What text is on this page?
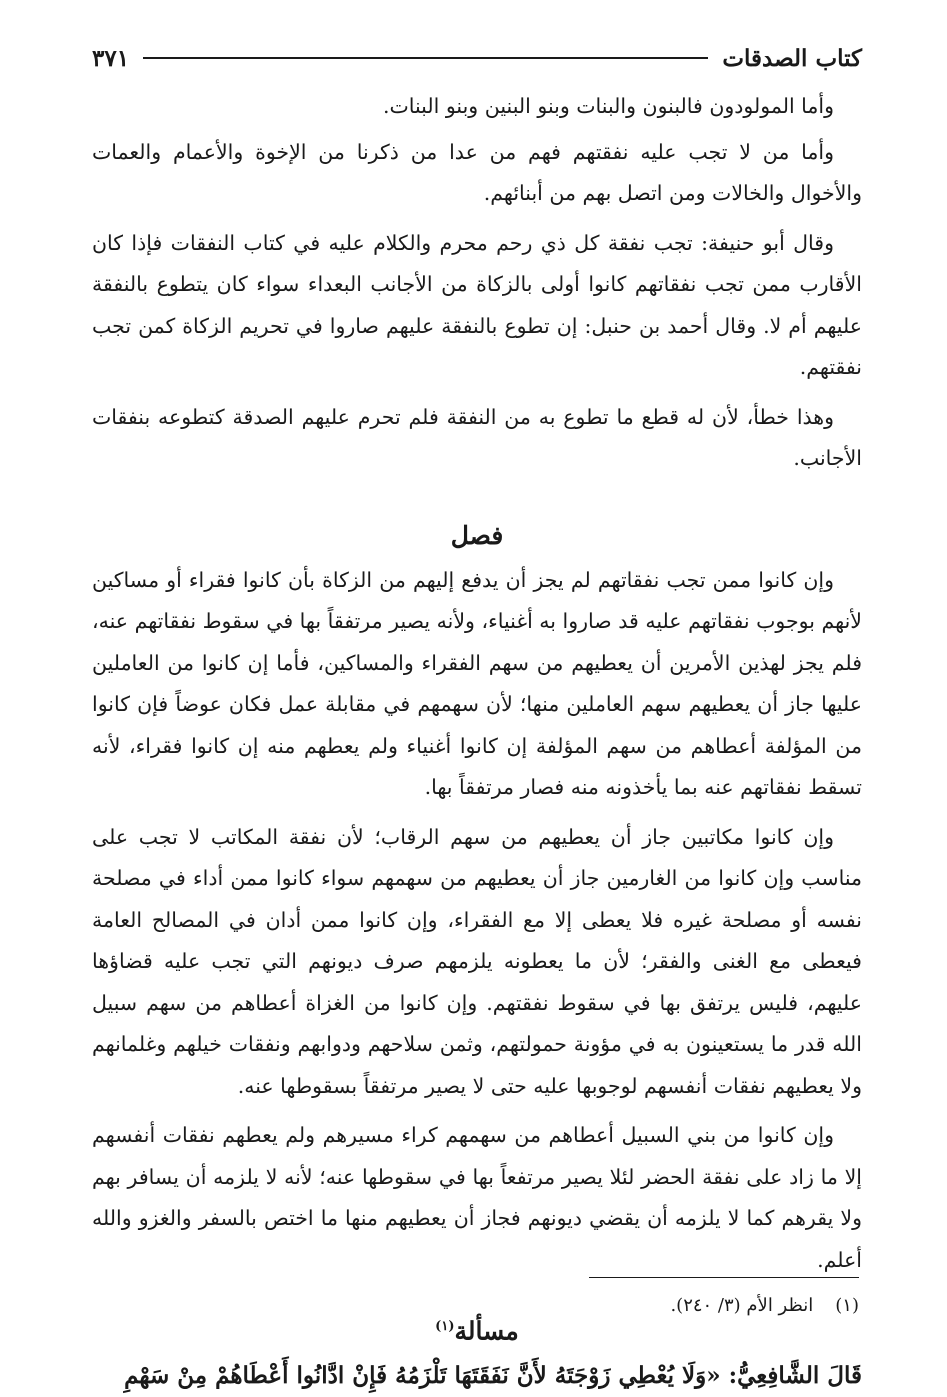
كتاب الصدقات
٣٧١

وأما المولودون فالبنون والبنات وبنو البنين وبنو البنات.

وأما من لا تجب عليه نفقتهم فهم من عدا من ذكرنا من الإخوة والأعمام والعمات والأخوال والخالات ومن اتصل بهم من أبنائهم.

وقال أبو حنيفة: تجب نفقة كل ذي رحم محرم والكلام عليه في كتاب النفقات فإذا كان الأقارب ممن تجب نفقاتهم كانوا أولى بالزكاة من الأجانب البعداء سواء كان يتطوع بالنفقة عليهم أم لا. وقال أحمد بن حنبل: إن تطوع بالنفقة عليهم صاروا في تحريم الزكاة كمن تجب نفقتهم.

وهذا خطأ، لأن له قطع ما تطوع به من النفقة فلم تحرم عليهم الصدقة كتطوعه بنفقات الأجانب.

فصل

وإن كانوا ممن تجب نفقاتهم لم يجز أن يدفع إليهم من الزكاة بأن كانوا فقراء أو مساكين لأنهم بوجوب نفقاتهم عليه قد صاروا به أغنياء، ولأنه يصير مرتفقاً بها في سقوط نفقاتهم عنه، فلم يجز لهذين الأمرين أن يعطيهم من سهم الفقراء والمساكين، فأما إن كانوا من العاملين عليها جاز أن يعطيهم سهم العاملين منها؛ لأن سهمهم في مقابلة عمل فكان عوضاً فإن كانوا من المؤلفة أعطاهم من سهم المؤلفة إن كانوا أغنياء ولم يعطهم منه إن كانوا فقراء، لأنه تسقط نفقاتهم عنه بما يأخذونه منه فصار مرتفقاً بها.

وإن كانوا مكاتبين جاز أن يعطيهم من سهم الرقاب؛ لأن نفقة المكاتب لا تجب على مناسب وإن كانوا من الغارمين جاز أن يعطيهم من سهمهم سواء كانوا ممن أداء في مصلحة نفسه أو مصلحة غيره فلا يعطى إلا مع الفقراء، وإن كانوا ممن أدان في المصالح العامة فيعطى مع الغنى والفقر؛ لأن ما يعطونه يلزمهم صرف ديونهم التي تجب عليه قضاؤها عليهم، فليس يرتفق بها في سقوط نفقتهم. وإن كانوا من الغزاة أعطاهم من سهم سبيل الله قدر ما يستعينون به في مؤونة حمولتهم، وثمن سلاحهم ودوابهم ونفقات خيلهم وغلمانهم ولا يعطيهم نفقات أنفسهم لوجوبها عليه حتى لا يصير مرتفقاً بسقوطها عنه.

وإن كانوا من بني السبيل أعطاهم من سهمهم كراء مسيرهم ولم يعطهم نفقات أنفسهم إلا ما زاد على نفقة الحضر لئلا يصير مرتفعاً بها في سقوطها عنه؛ لأنه لا يلزمه أن يسافر بهم ولا يقرهم كما لا يلزمه أن يقضي ديونهم فجاز أن يعطيهم منها ما اختص بالسفر والغزو والله أعلم.

مسألة$^{(١)}$

قَالَ الشَّافِعِيُّ: «وَلَا يُعْطِي زَوْجَتَهُ لأَنَّ نَفَقَتَهَا تَلْزَمُهُ فَإِنْ ادَّانُوا أَعْطَاهُمْ مِنْ سَهْمِ

(١)انظر الأم (٣/ ٢٤٠).
